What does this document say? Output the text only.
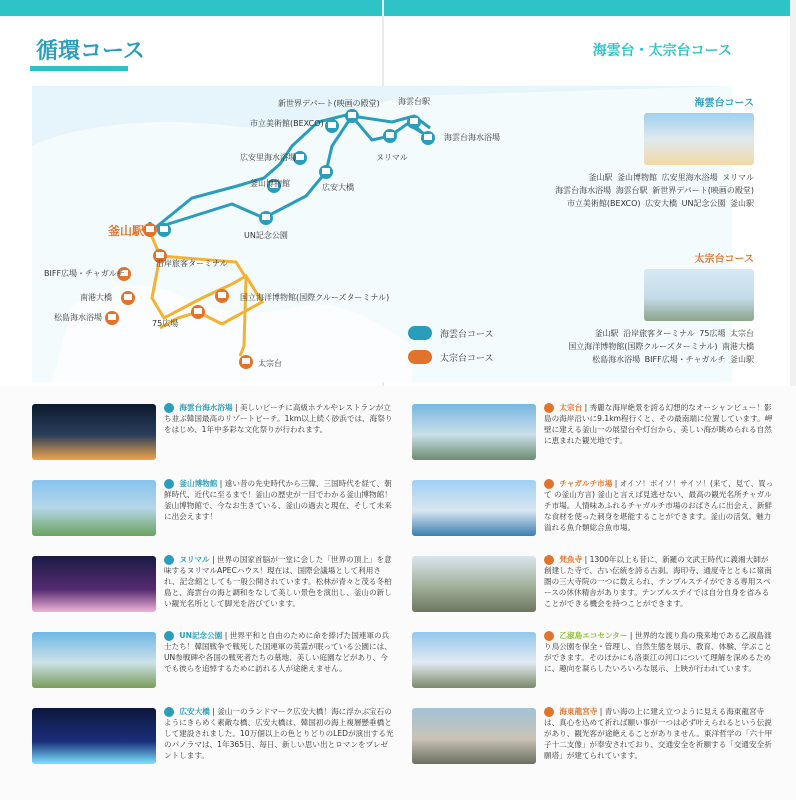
循環コース	海雲台・太宗台コース
海雲台海水浴場
海雲台駅
ヌリマル
新世界デパート(映画の殿堂)
市立美術館(BEXCO)
広安里海水浴場
広安大橋
釜山博物館
UN記念公園
釜山駅
沿岸旅客ターミナル
BIFF広場・チャガルチ
南港大橋
松島海水浴場
75広場
国立海洋博物館(国際クルーズターミナル)
太宗台
海雲台コース
釜山駅 釜山博物館 広安里海水浴場 ヌリマル 海雲台海水浴場 海雲台駅 新世界デパート(映画の殿堂) 市立美術館(BEXCO) 広安大橋 UN記念公園 釜山駅
太宗台コース
釜山駅 沿岸旅客ターミナル 75広場 太宗台 国立海洋博物館(国際クルーズターミナル) 南港大橋 松島海水浴場 BIFF広場・チャガルチ 釜山駅
海雲台コース
太宗台コース
海雲台海水浴場 | 美しいビーチに高級ホテルやレストランが立ち並ぶ韓国最高のリゾートビーチ。1km以上続く砂浜では、海祭りをはじめ、1年中多彩な文化祭りが行われます。
釜山博物館 | 遠い昔の先史時代から三韓、三国時代を経て、朝鮮時代、近代に至るまで！釜山の歴史が一目でわかる釜山博物館！釜山博物館で、今なお生きている、釜山の過去と現在、そして未来に出会えます！
ヌリマル | 世界の国家首脳が一堂に会した「世界の頂上」を意味するヌリマルAPECハウス！現在は、国際会議場として利用され、記念館としても一般公開されています。松林が青々と茂る冬柏島と、海雲台の海と調和をなして美しい景色を演出し、釜山の新しい観光名所として脚光を浴びています。
UN記念公園 | 世界平和と自由のために命を捧げた国連軍の兵士たち！韓国戦争で戦死した国連軍の英霊が眠っている公園には、UN参戦碑や各国の戦死者たちの墓地、美しい庭園などがあり、今でも彼らを追悼するために訪れる人が途絶えません。
広安大橋 | 釜山一のランドマーク広安大橋！海に浮かぶ宝石のようにきらめく素敵な橋、広安大橋は、韓国初の海上複層懸垂橋として建設されました。10万個以上の色とりどりのLEDが演出する光のパノラマは、1年365日、毎日、新しい思い出とロマンをプレゼントします。
太宗台 | 秀麗な海岸絶景を誇る幻想的なオーシャンビュー！影島の海岸沿いに9.1km程行くと、その最南端に位置しています。岬壁に建える釜山一の展望台や灯台から、美しい海が眺められる自然に恵まれた観光地です。
チャガルチ市場 | オイソ！ボイソ！サイソ！(来て、見て、買って の釜山方言) 釜山と言えば見逃せない、最高の観光名所チャガルチ市場。人情味あふれるチャガルチ市場のおばさんに出会え、新鮮な食材を使った刺身を堪能することができます。釜山の活気、魅力溢れる魚介類総合魚市場。
梵魚寺 | 1300年以上も昔に、新羅の文武王時代に義湘大師が創建した寺で、古い伝統を誇る古刹。海印寺、通度寺とともに嶺南圏の三大寺院の一つに数えられ、テンプルステイができる専用スペースの休休精舎があります。テンプルステイでは自分自身を省みることができる機会を持つことができます。
乙淑島エコセンター | 世界的な渡り鳥の飛来地である乙淑島渡り鳥公園を保全・管理し、自然生態を展示、教育、体験、学ぶことができます。そのほかにも洛東江の河口について理解を深めるために、趣向を凝らしたいろいろな展示、上映が行われています。
海東龍宮寺 | 青い海の上に建え立つように見える海東龍宮寺は、真心を込めて祈れば願い事が一つは必ず叶えられるという伝説があり、観光客が途絶えることがありません。東洋哲学の「六十甲子十二支像」が奉安されており、交通安全を祈願する「交通安全祈願塔」が建てられています。
